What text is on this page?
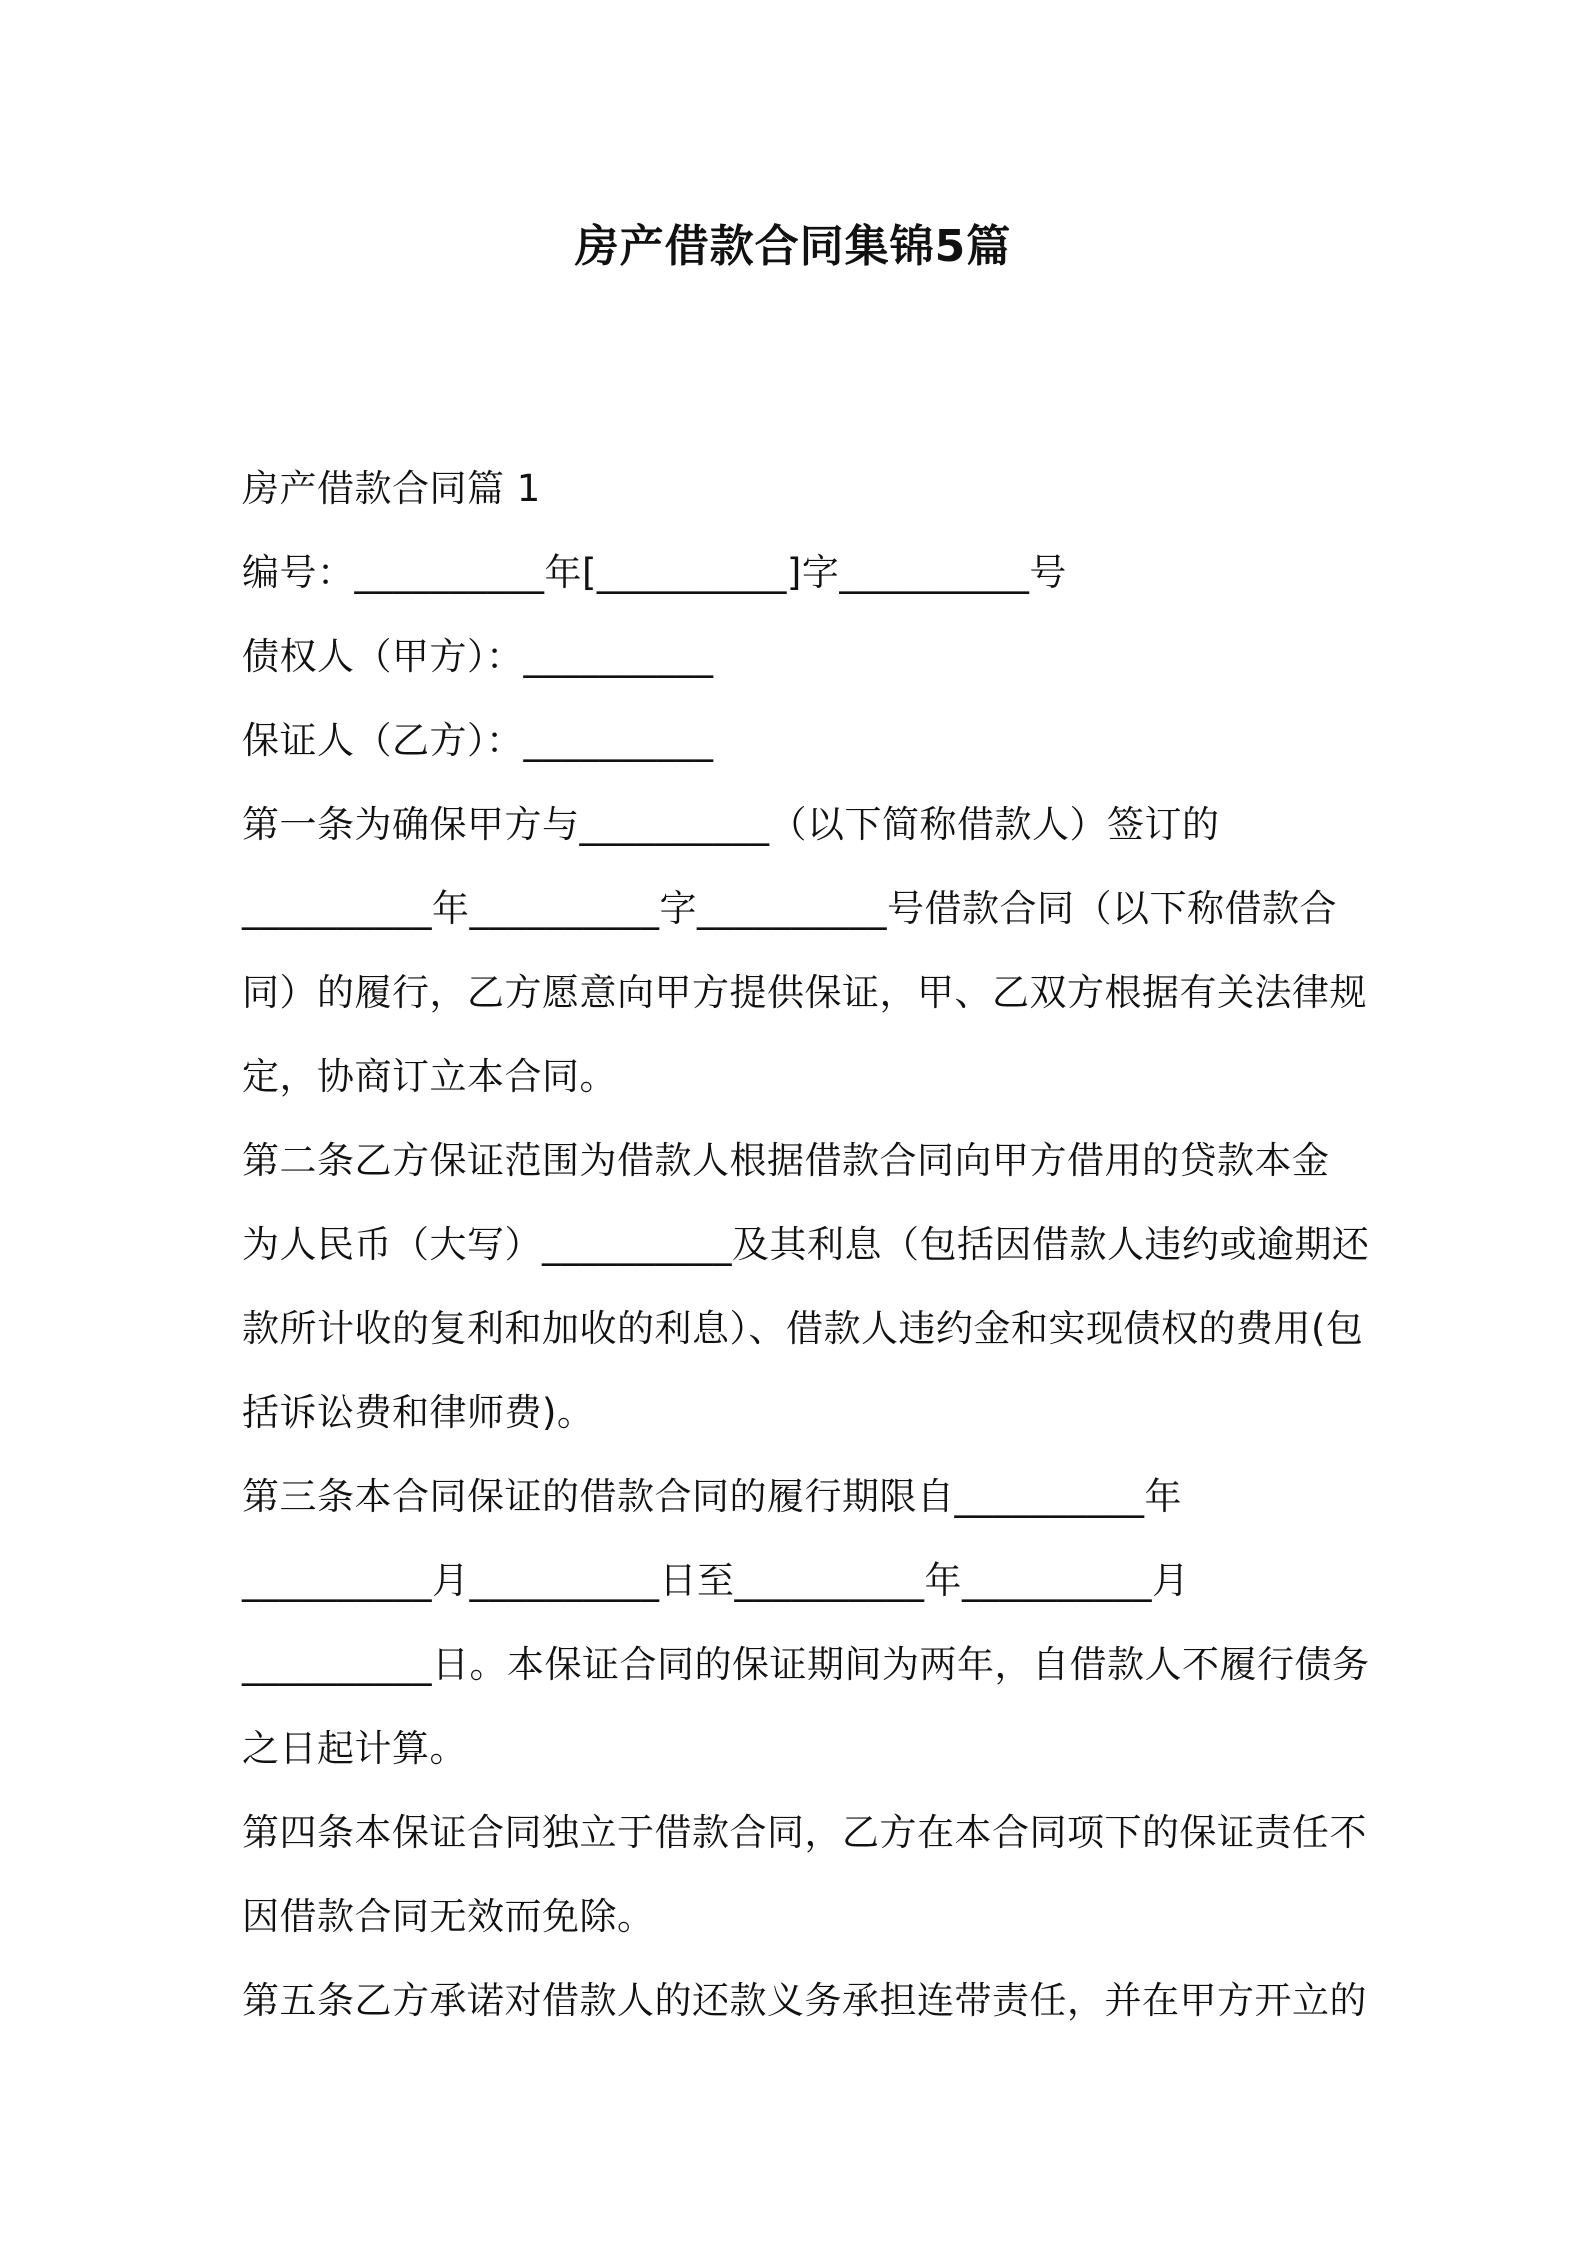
房产借款合同集锦5篇

房产借款合同篇 1

编号：__________年[__________]字__________号

债权人（甲方）：__________

保证人（乙方）：__________

第一条为确保甲方与__________（以下简称借款人）签订的

__________年__________字__________号借款合同（以下称借款合

同）的履行，乙方愿意向甲方提供保证，甲、乙双方根据有关法律规

定，协商订立本合同。

第二条乙方保证范围为借款人根据借款合同向甲方借用的贷款本金

为人民币（大写）__________及其利息（包括因借款人违约或逾期还

款所计收的复利和加收的利息）、借款人违约金和实现债权的费用(包

括诉讼费和律师费)。

第三条本合同保证的借款合同的履行期限自__________年

__________月__________日至__________年__________月

__________日。本保证合同的保证期间为两年，自借款人不履行债务

之日起计算。

第四条本保证合同独立于借款合同，乙方在本合同项下的保证责任不

因借款合同无效而免除。

第五条乙方承诺对借款人的还款义务承担连带责任，并在甲方开立的
